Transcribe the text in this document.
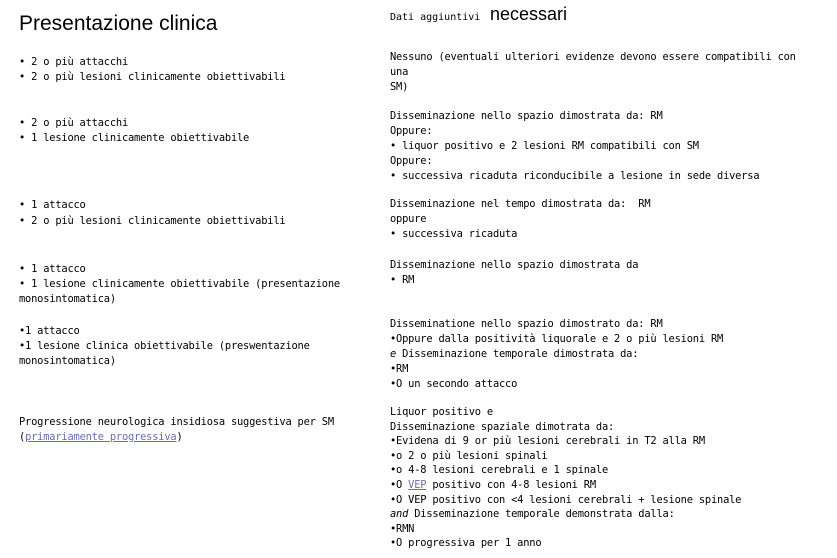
Presentazione clinica	Dati aggiuntivi necessari
• 2 o più attacchi
• 2 o più lesioni clinicamente obiettivabili
Nessuno (eventuali ulteriori evidenze devono essere compatibili con una
SM)
• 2 o più attacchi
• 1 lesione clinicamente obiettivabile
Disseminazione nello spazio dimostrata da: RM
Oppure:
• liquor positivo e 2 lesioni RM compatibili con SM
Oppure:
• successiva ricaduta riconducibile a lesione in sede diversa
• 1 attacco
• 2 o più lesioni clinicamente obiettivabili
Disseminazione nel tempo dimostrata da:  RM
oppure
• successiva ricaduta
• 1 attacco
• 1 lesione clinicamente obiettivabile (presentazione
monosintomatica)
Disseminazione nello spazio dimostrata da
• RM
•1 attacco
•1 lesione clinica obiettivabile (preswentazione
monosintomatica)
Disseminatione nello spazio dimostrato da: RM
•Oppure dalla positività liquorale e 2 o più lesioni RM
e Disseminazione temporale dimostrata da:
•RM
•O un secondo attacco
Progressione neurologica insidiosa suggestiva per SM
(primariamente progressiva)
Liquor positivo e
Disseminazione spaziale dimotrata da:
•Evidena di 9 or più lesioni cerebrali in T2 alla RM
•o 2 o più lesioni spinali
•o 4-8 lesioni cerebrali e 1 spinale
•O VEP positivo con 4-8 lesioni RM
•O VEP positivo con <4 lesioni cerebrali + lesione spinale
and Disseminazione temporale demonstrata dalla:
•RMN
•O progressiva per 1 anno
